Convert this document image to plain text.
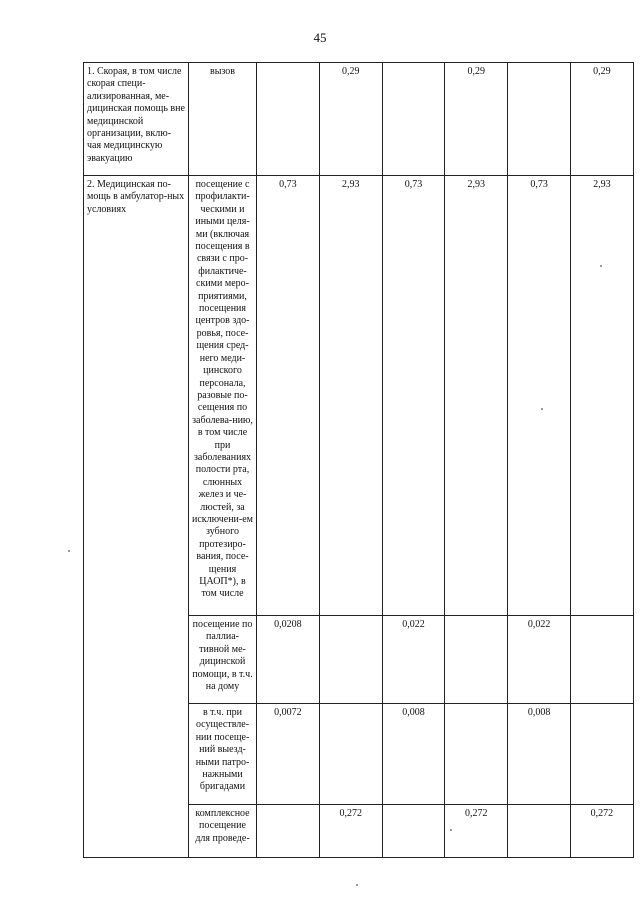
45
1. Скорая, в том числе скорая специ-ализированная, ме-дицинская помощь вне медицинской организации, вклю-чая медицинскую эвакуацию	вызов		0,29		0,29		0,29
2. Медицинская по-мощь в амбулатор-ных условиях	посещение с профилакти-ческими и иными целя-ми (включая посещения в связи с про-филактиче-скими меро-приятиями, посещения центров здо-ровья, посе-щения сред-него меди-цинского персонала, разовые по-сещения по заболева-нию, в том числе при заболеваниях полости рта, слюнных желез и че-люстей, за исключени-ем зубного протезиро-вания, посе-щения ЦАОП*), в том числе	0,73	2,93	0,73	2,93	0,73	2,93
	посещение по паллиа-тивной ме-дицинской помощи, в т.ч. на дому	0,0208		0,022		0,022	
	в т.ч. при осуществле-нии посеще-ний выезд-ными патро-нажными бригадами	0,0072		0,008		0,008	
	комплексное посещение для проведе-		0,272		0,272		0,272
